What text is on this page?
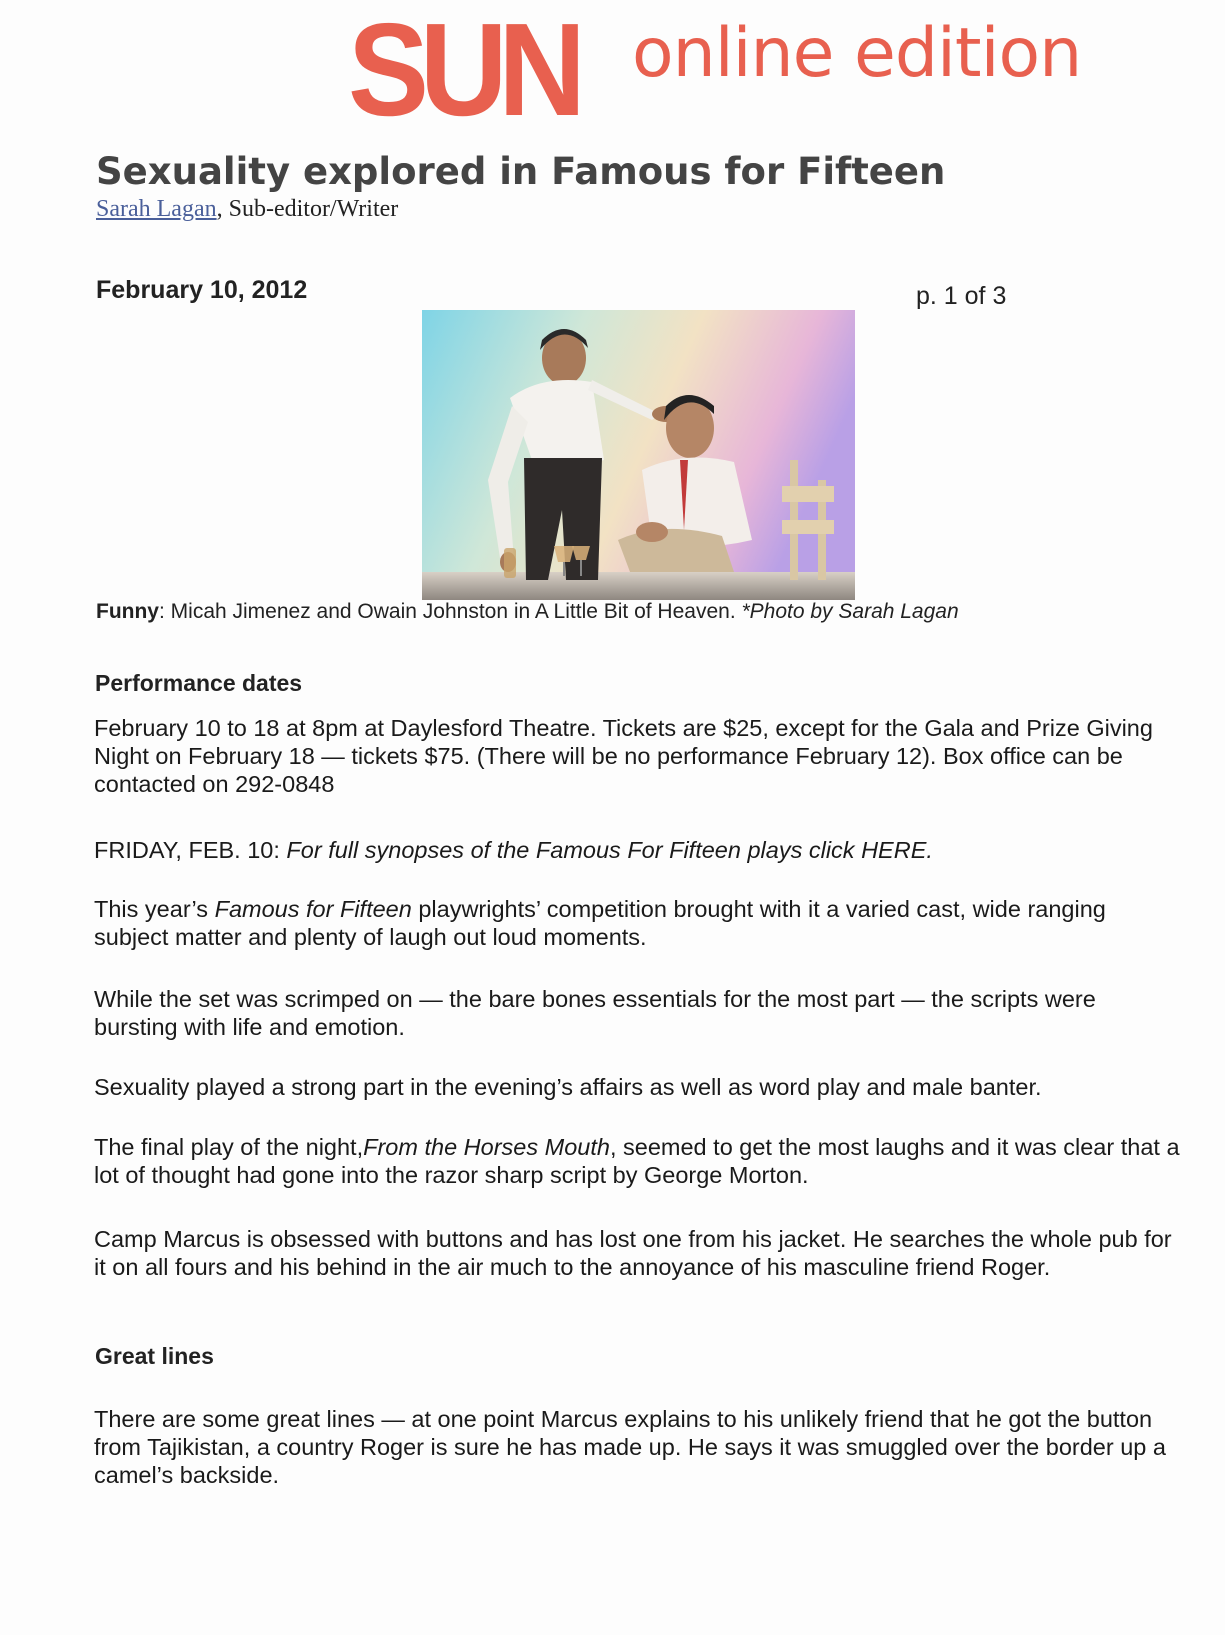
SUN online edition
Sexuality explored in Famous for Fifteen
Sarah Lagan, Sub-editor/Writer
February 10, 2012	p. 1 of 3
Funny: Micah Jimenez and Owain Johnston in A Little Bit of Heaven. *Photo by Sarah Lagan
Performance dates
February 10 to 18 at 8pm at Daylesford Theatre. Tickets are $25, except for the Gala and Prize Giving Night on February 18 — tickets $75. (There will be no performance February 12). Box office can be contacted on 292-0848
FRIDAY, FEB. 10: For full synopses of the Famous For Fifteen plays click HERE.
This year’s Famous for Fifteen playwrights’ competition brought with it a varied cast, wide ranging subject matter and plenty of laugh out loud moments.
While the set was scrimped on — the bare bones essentials for the most part — the scripts were bursting with life and emotion.
Sexuality played a strong part in the evening’s affairs as well as word play and male banter.
The final play of the night,From the Horses Mouth, seemed to get the most laughs and it was clear that a lot of thought had gone into the razor sharp script by George Morton.
Camp Marcus is obsessed with buttons and has lost one from his jacket. He searches the whole pub for it on all fours and his behind in the air much to the annoyance of his masculine friend Roger.
Great lines
There are some great lines — at one point Marcus explains to his unlikely friend that he got the button from Tajikistan, a country Roger is sure he has made up. He says it was smuggled over the border up a camel’s backside.
